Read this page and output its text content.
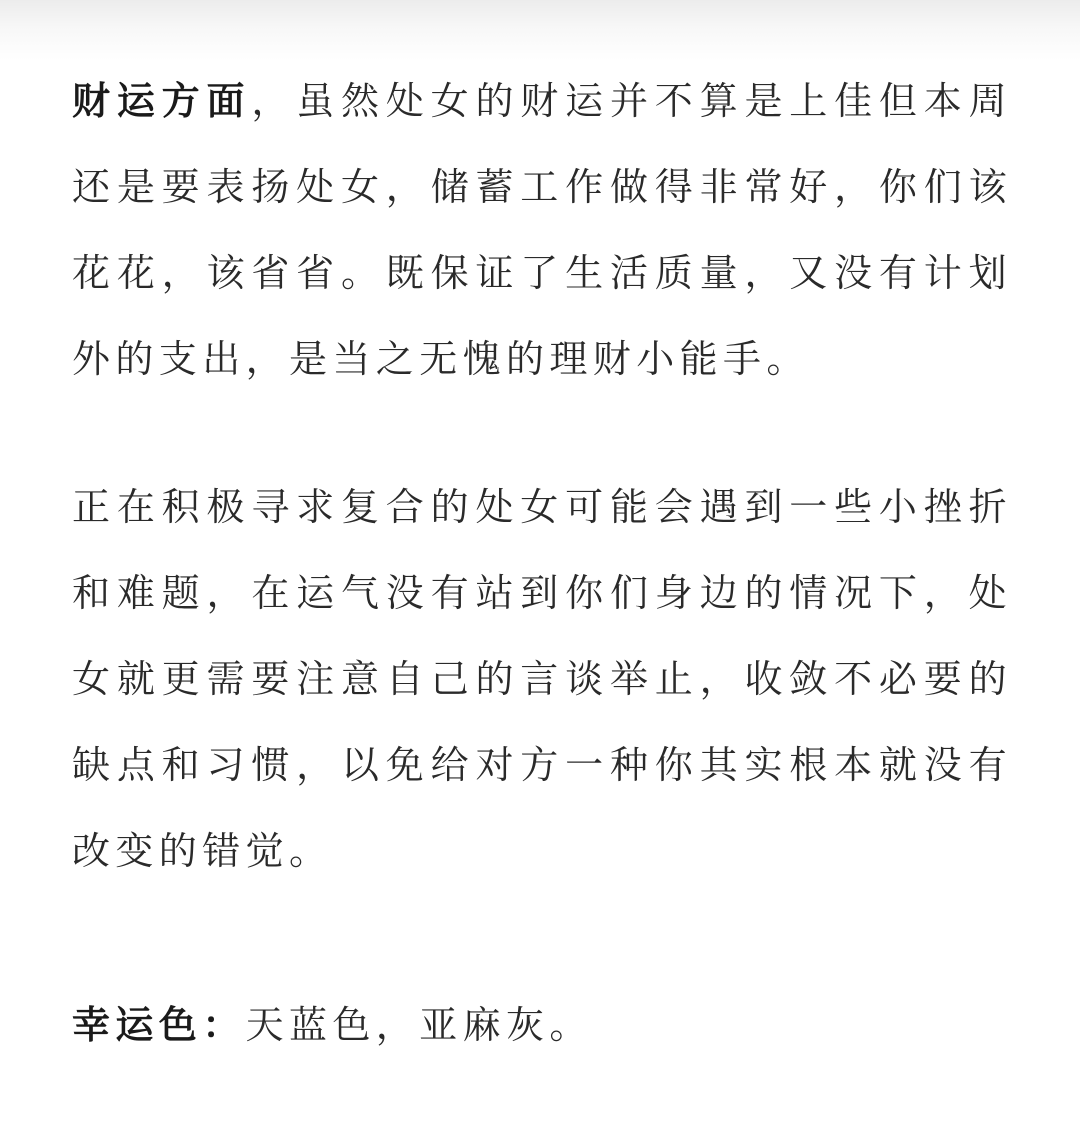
财运方面，虽然处女的财运并不算是上佳但本周还是要表扬处女，储蓄工作做得非常好，你们该花花，该省省。既保证了生活质量，又没有计划外的支出，是当之无愧的理财小能手。

正在积极寻求复合的处女可能会遇到一些小挫折和难题，在运气没有站到你们身边的情况下，处女就更需要注意自己的言谈举止，收敛不必要的缺点和习惯，以免给对方一种你其实根本就没有改变的错觉。

幸运色：天蓝色，亚麻灰。
